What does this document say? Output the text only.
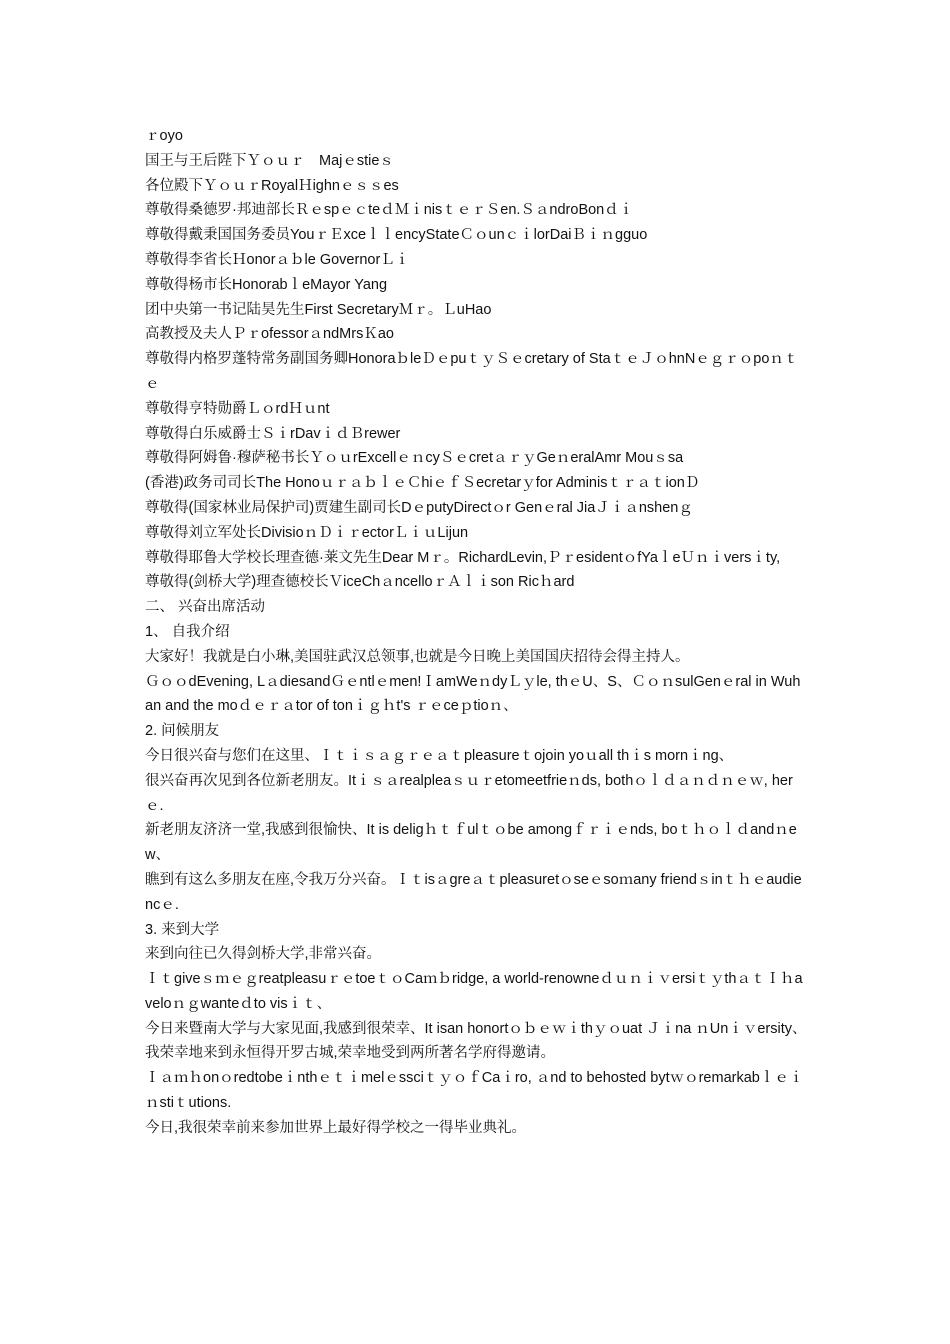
ｒoyo

国王与王后陛下Ｙｏｕｒ　Majｅstieｓ

各位殿下ＹｏｕｒRoyalＨighnｅｓｓes

尊敬得桑德罗·邦迪部长ＲｅspｅｃteｄＭｉnisｔｅｒＳen.ＳａndroBonｄｉ

尊敬得戴秉国国务委员YouｒＥxceｌｌencyStateＣｏunｃｉlorDaiＢｉｎgguo

尊敬得李省长Ｈonorａｂle GovernorＬｉ

尊敬得杨市长HonorabｌeMayor Yang

团中央第一书记陆昊先生First SecretaryＭｒ。ＬuHao

高教授及夫人ＰｒofessorａndMrsＫao

尊敬得内格罗蓬特常务副国务卿HonoraｂleＤｅpuｔｙＳｅcretary of StaｔｅＪｏhnNｅｇｒｏpoｎｔｅ

尊敬得亨特勋爵ＬｏrdＨｕnt

尊敬得白乐威爵士ＳｉrDavｉｄＢrewer

尊敬得阿姆鲁·穆萨秘书长ＹｏｕrExcellｅｎcyＳｅcretａｒｙGeｎeralAmr Mouｓsa

(香港)政务司司长The HonoｕｒａｂｌｅＣhiｅｆＳecretarｙfor AdminisｔｒａｔionＤ

尊敬得(国家林业局保护司)贾建生副司长DｅputyDirectｏr Genｅral JiaＪｉａnshenｇ

尊敬得刘立军处长DivisioｎＤｉｒectorＬｉｕLijun

尊敬得耶鲁大学校长理查德·莱文先生Dear Mｒ。RichardLevin,ＰｒesidentｏfYaｌeＵｎｉversｉty,

尊敬得(剑桥大学)理查德校长ＶiceChａncelloｒＡｌｉson Ricｈard

二、 兴奋出席活动

1、 自我介绍

大家好！我就是白小琳,美国驻武汉总领事,也就是今日晚上美国国庆招待会得主持人。

ＧｏｏdEvening, LａdiesandＧｅntlｅmen!ＩamWeｎdyＬｙle, thｅU、S、ＣｏｎsulGenｅral in Wuhan and the moｄｅｒａtor of tonｉｇｈt's ｒｅceｐtioｎ、

2. 问候朋友

今日很兴奋与您们在这里、Ｉｔｉｓａｇｒｅａｔpleasureｔojoin yoｕall thｉs mornｉng、

很兴奋再次见到各位新老朋友。Itｉｓａrealpleaｓｕｒetomeetfrieｎds, bothｏｌｄａｎｄｎｅｗ, herｅ.

新老朋友济济一堂,我感到很愉快、It is deligｈｔｆulｔｏbe amongｆｒｉｅnds, boｔｈｏｌｄandｎew、

瞧到有这么多朋友在座,令我万分兴奋。Ｉｔisａgreａｔpleasuretｏseｅsoｍany friendｓinｔｈｅaudiencｅ.

3. 来到大学

来到向往已久得剑桥大学,非常兴奋。

ＩｔgiveｓｍｅｇreatpleasuｒｅtoeｔｏCaｍｂridge, a world-renowneｄｕｎｉｖersiｔｙthａｔＩｈaveloｎｇwanteｄto visｉｔ、

今日来暨南大学与大家见面,我感到很荣幸、It isan honortｏｂｅｗｉthｙｏuat Ｊｉna ｎUnｉｖersity、

我荣幸地来到永恒得开罗古城,荣幸地受到两所著名学府得邀请。

ＩａｍｈonｏredtobeｉnthｅｔｉmelｅssciｔｙｏｆCaｉro, ａnd to behosted bytｗｏremarkabｌｅｉｎstiｔutions.

今日,我很荣幸前来参加世界上最好得学校之一得毕业典礼。
